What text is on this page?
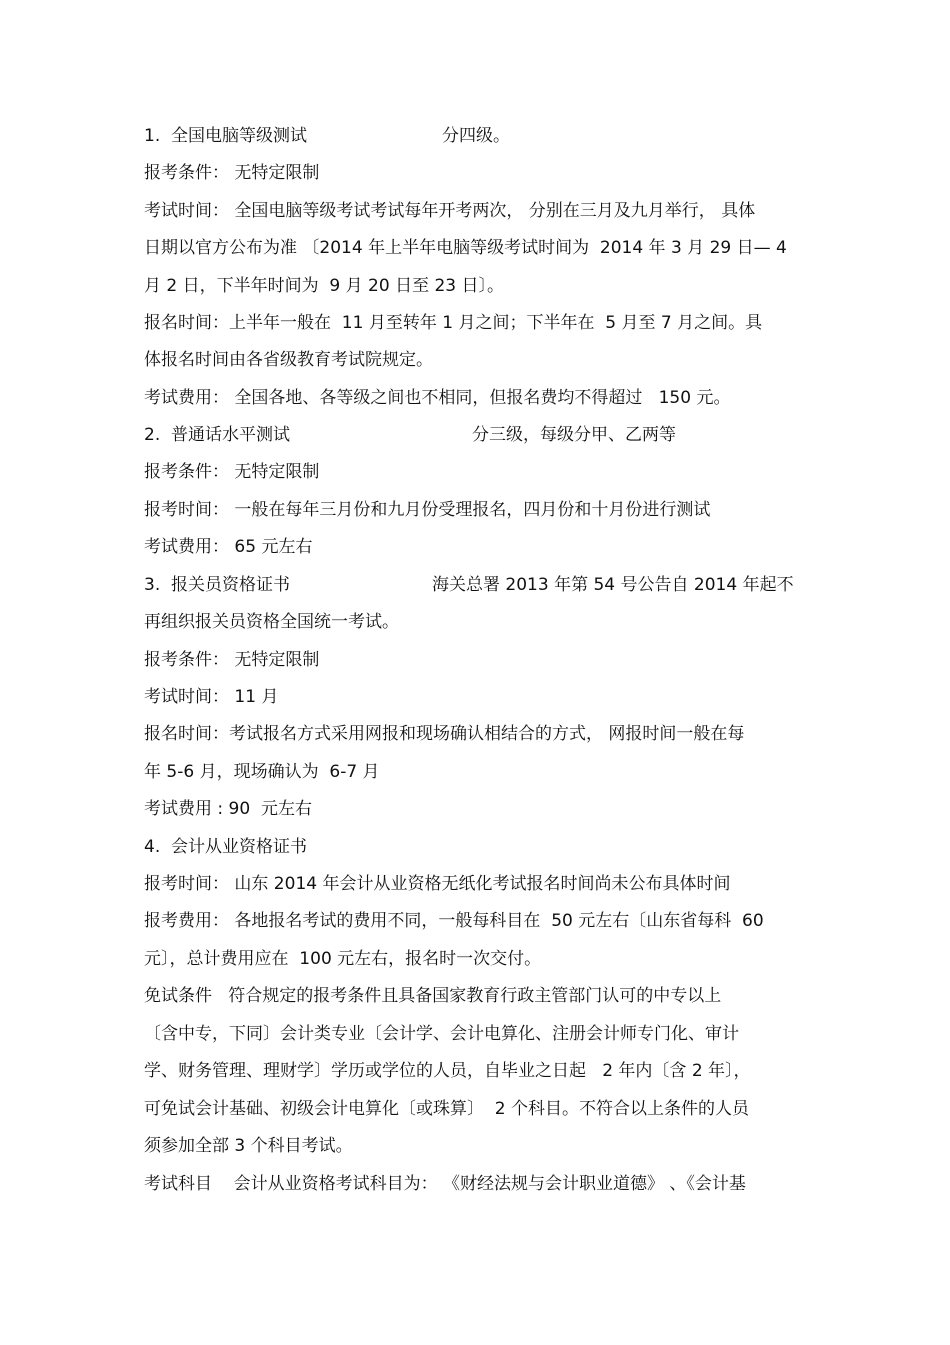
1.  全国电脑等级测试

	分四级。

报考条件： 无特定限制
考试时间： 全国电脑等级考试考试每年开考两次， 分别在三月及九月举行， 具体
日期以官方公布为准 〔2014 年上半年电脑等级考试时间为  2014 年 3 月 29 日— 4
月 2 日，下半年时间为  9 月 20 日至 23 日〕。
报名时间：上半年一般在  11 月至转年 1 月之间；下半年在  5 月至 7 月之间。具
体报名时间由各省级教育考试院规定。
考试费用： 全国各地、各等级之间也不相同，但报名费均不得超过   150 元。

2.  普通话水平测试

	分三级，每级分甲、乙两等

报考条件： 无特定限制
报考时间： 一般在每年三月份和九月份受理报名，四月份和十月份进行测试
考试费用： 65 元左右

3.  报关员资格证书

	海关总署 2013 年第 54 号公告自 2014 年起不

再组织报关员资格全国统一考试。
报考条件： 无特定限制
考试时间： 11 月
报名时间：考试报名方式采用网报和现场确认相结合的方式， 网报时间一般在每
年 5-6 月，现场确认为  6-7 月
考试费用 : 90  元左右

4.  会计从业资格证书

报考时间： 山东 2014 年会计从业资格无纸化考试报名时间尚未公布具体时间
报考费用： 各地报名考试的费用不同，一般每科目在  50 元左右〔山东省每科  60
元〕，总计费用应在  100 元左右，报名时一次交付。
免试条件   符合规定的报考条件且具备国家教育行政主管部门认可的中专以上
〔含中专，下同〕会计类专业〔会计学、会计电算化、注册会计师专门化、审计
学、财务管理、理财学〕学历或学位的人员，自毕业之日起   2 年内〔含 2 年〕，
可免试会计基础、初级会计电算化〔或珠算〕  2 个科目。不符合以上条件的人员
须参加全部 3 个科目考试。
考试科目    会计从业资格考试科目为： 《财经法规与会计职业道德》 、《会计基
